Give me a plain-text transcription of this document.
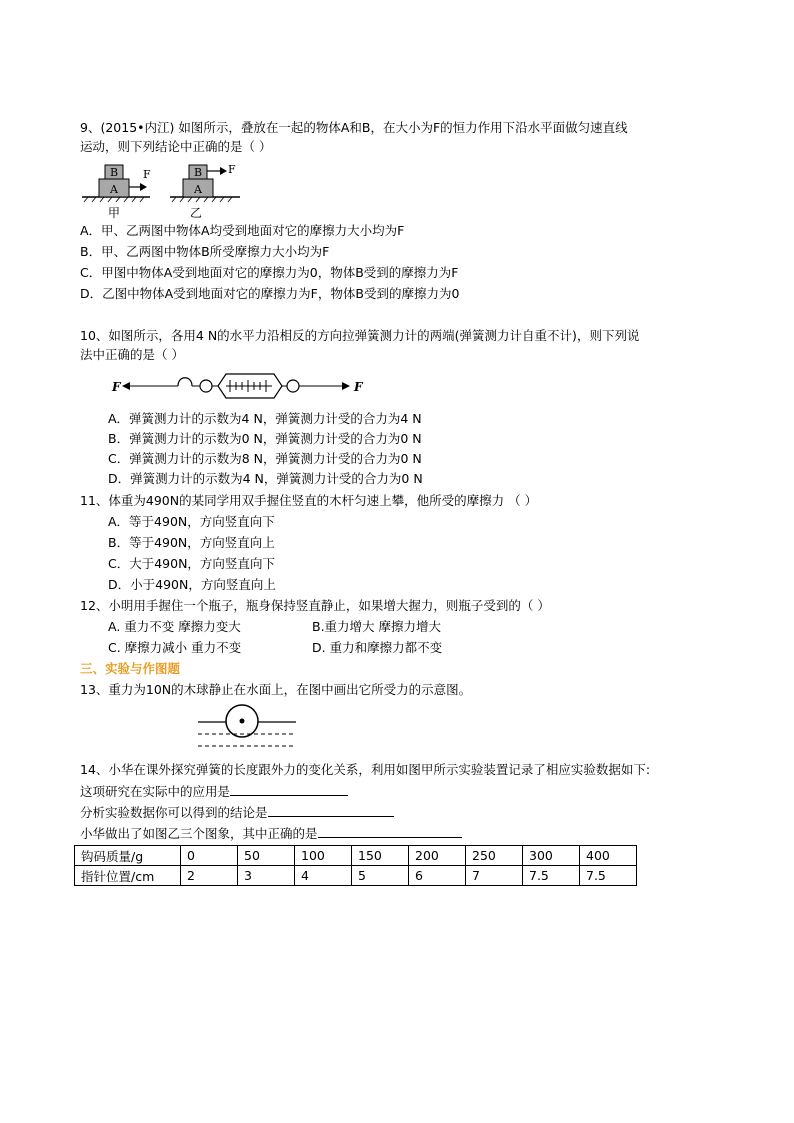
9、(2015•内江) 如图所示，叠放在一起的物体A和B，在大小为F的恒力作用下沿水平面做匀速直线
运动，则下列结论中正确的是（ ）
A
B F
甲
A
B F
乙
A．甲、乙两图中物体A均受到地面对它的摩擦力大小均为F
B．甲、乙两图中物体B所受摩擦力大小均为F
C．甲图中物体A受到地面对它的摩擦力为0，物体B受到的摩擦力为F
D．乙图中物体A受到地面对它的摩擦力为F，物体B受到的摩擦力为0
10、如图所示，各用4 N的水平力沿相反的方向拉弹簧测力计的两端(弹簧测力计自重不计)，则下列说
法中正确的是（ ）
F	F
A．弹簧测力计的示数为4 N，弹簧测力计受的合力为4 N
B．弹簧测力计的示数为0 N，弹簧测力计受的合力为0 N
C．弹簧测力计的示数为8 N，弹簧测力计受的合力为0 N
D．弹簧测力计的示数为4 N，弹簧测力计受的合力为0 N
11、体重为490N的某同学用双手握住竖直的木杆匀速上攀，他所受的摩擦力 （ ）
A．等于490N，方向竖直向下
B．等于490N，方向竖直向上
C．大于490N，方向竖直向下
D．小于490N，方向竖直向上
12、小明用手握住一个瓶子，瓶身保持竖直静止，如果增大握力，则瓶子受到的（ ）
A. 重力不变 摩擦力变大	B.重力增大 摩擦力增大
C. 摩擦力减小 重力不变	D. 重力和摩擦力都不变
三、实验与作图题
13、重力为10N的木球静止在水面上，在图中画出它所受力的示意图。
14、小华在课外探究弹簧的长度跟外力的变化关系，利用如图甲所示实验装置记录了相应实验数据如下:
这项研究在实际中的应用是
分析实验数据你可以得到的结论是
小华做出了如图乙三个图象，其中正确的是
钩码质量/g	0	50	100	150	200	250	300	400
指针位置/cm	2	3	4	5	6	7	7.5	7.5
